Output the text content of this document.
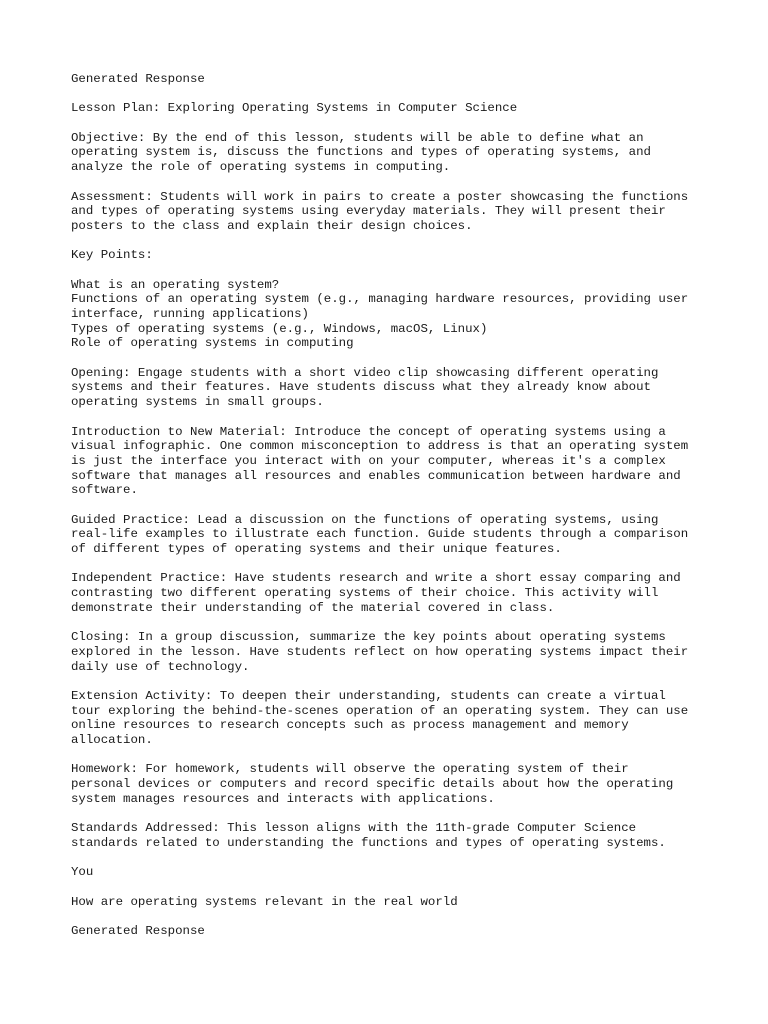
Generated Response
Lesson Plan: Exploring Operating Systems in Computer Science
Objective: By the end of this lesson, students will be able to define what an
operating system is, discuss the functions and types of operating systems, and
analyze the role of operating systems in computing.
Assessment: Students will work in pairs to create a poster showcasing the functions
and types of operating systems using everyday materials. They will present their
posters to the class and explain their design choices.
Key Points:
What is an operating system?
Functions of an operating system (e.g., managing hardware resources, providing user
interface, running applications)
Types of operating systems (e.g., Windows, macOS, Linux)
Role of operating systems in computing
Opening: Engage students with a short video clip showcasing different operating
systems and their features. Have students discuss what they already know about
operating systems in small groups.
Introduction to New Material: Introduce the concept of operating systems using a
visual infographic. One common misconception to address is that an operating system
is just the interface you interact with on your computer, whereas it's a complex
software that manages all resources and enables communication between hardware and
software.
Guided Practice: Lead a discussion on the functions of operating systems, using
real-life examples to illustrate each function. Guide students through a comparison
of different types of operating systems and their unique features.
Independent Practice: Have students research and write a short essay comparing and
contrasting two different operating systems of their choice. This activity will
demonstrate their understanding of the material covered in class.
Closing: In a group discussion, summarize the key points about operating systems
explored in the lesson. Have students reflect on how operating systems impact their
daily use of technology.
Extension Activity: To deepen their understanding, students can create a virtual
tour exploring the behind-the-scenes operation of an operating system. They can use
online resources to research concepts such as process management and memory
allocation.
Homework: For homework, students will observe the operating system of their
personal devices or computers and record specific details about how the operating
system manages resources and interacts with applications.
Standards Addressed: This lesson aligns with the 11th-grade Computer Science
standards related to understanding the functions and types of operating systems.
You
How are operating systems relevant in the real world
Generated Response
